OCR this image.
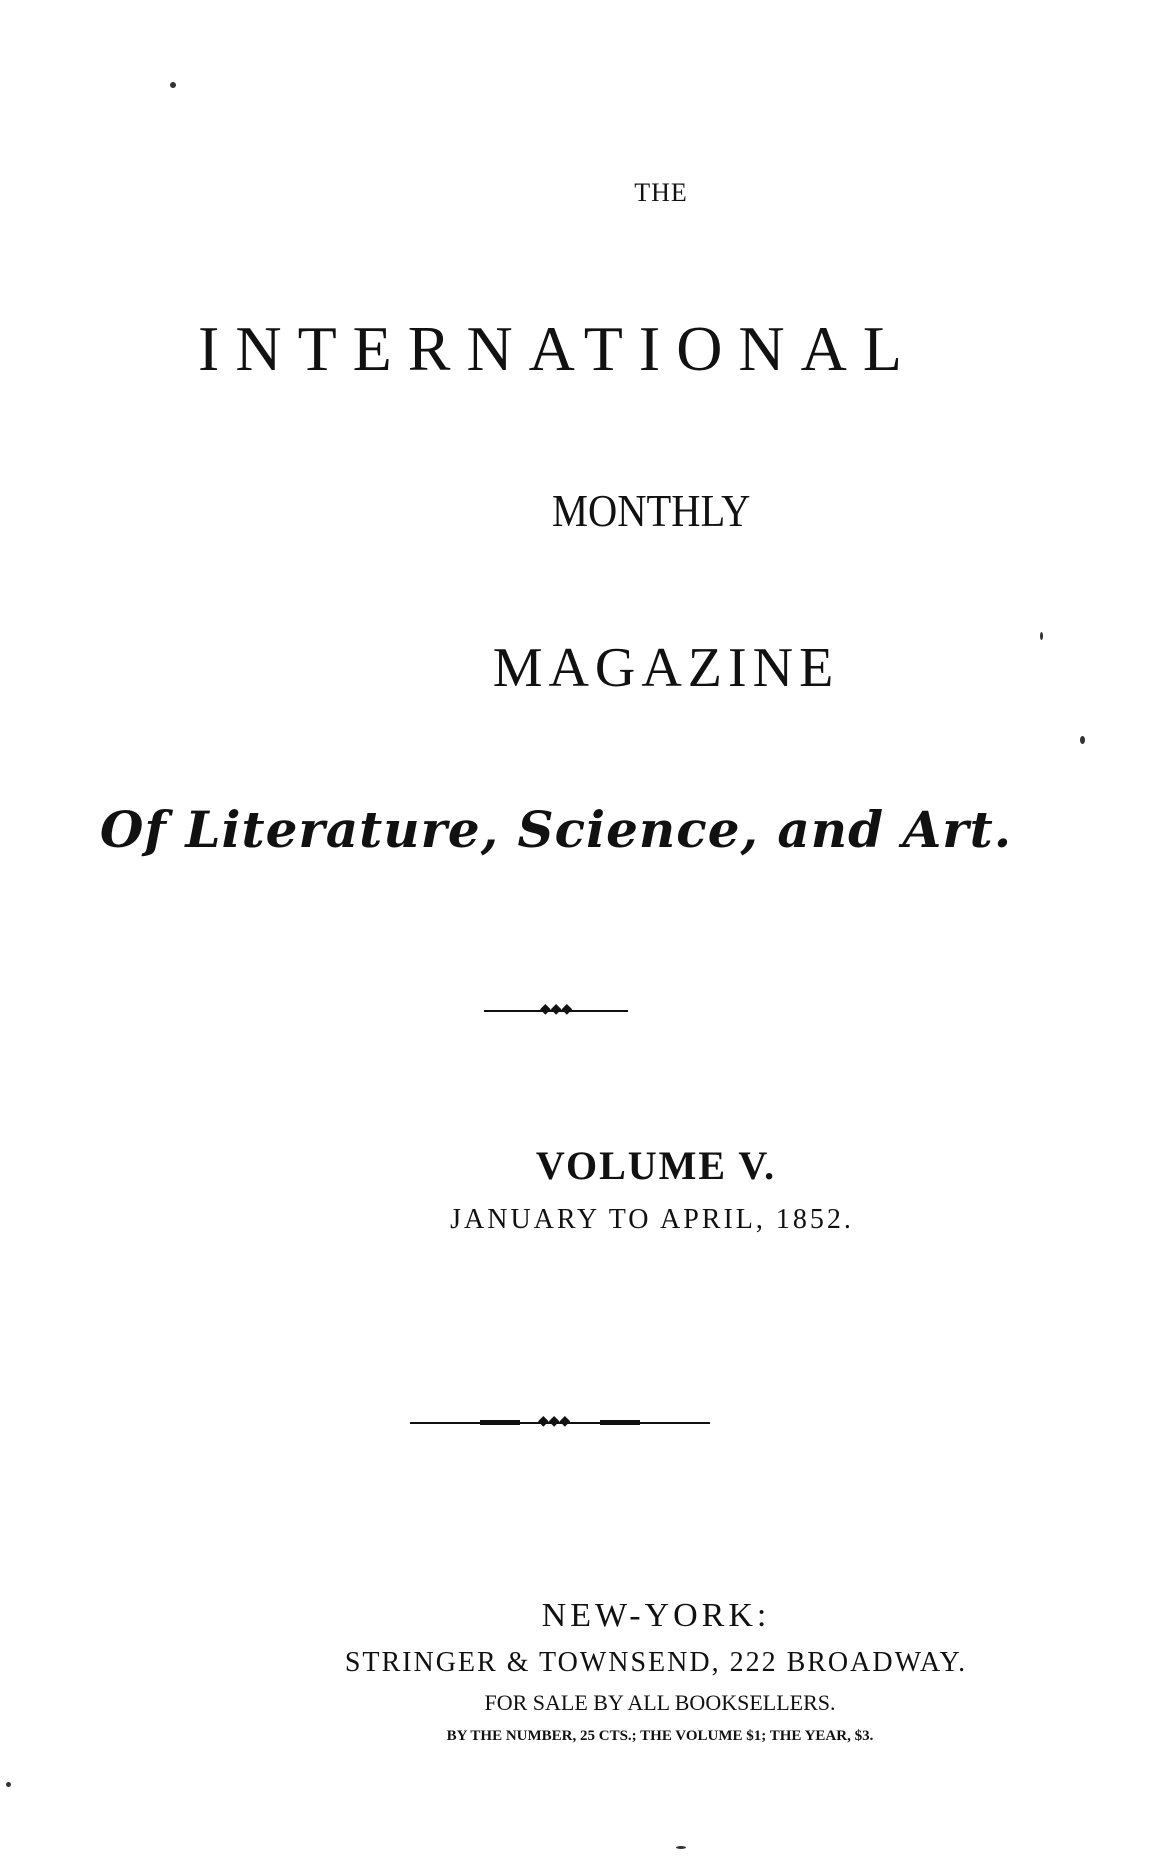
THE
INTERNATIONAL
MONTHLY
MAGAZINE
Of Literature, Science, and Art.
◆◆◆
VOLUME V.
JANUARY TO APRIL, 1852.
◆◆◆
NEW-YORK:
STRINGER & TOWNSEND, 222 BROADWAY.
FOR SALE BY ALL BOOKSELLERS.
BY THE NUMBER, 25 CTS.; THE VOLUME $1; THE YEAR, $3.
